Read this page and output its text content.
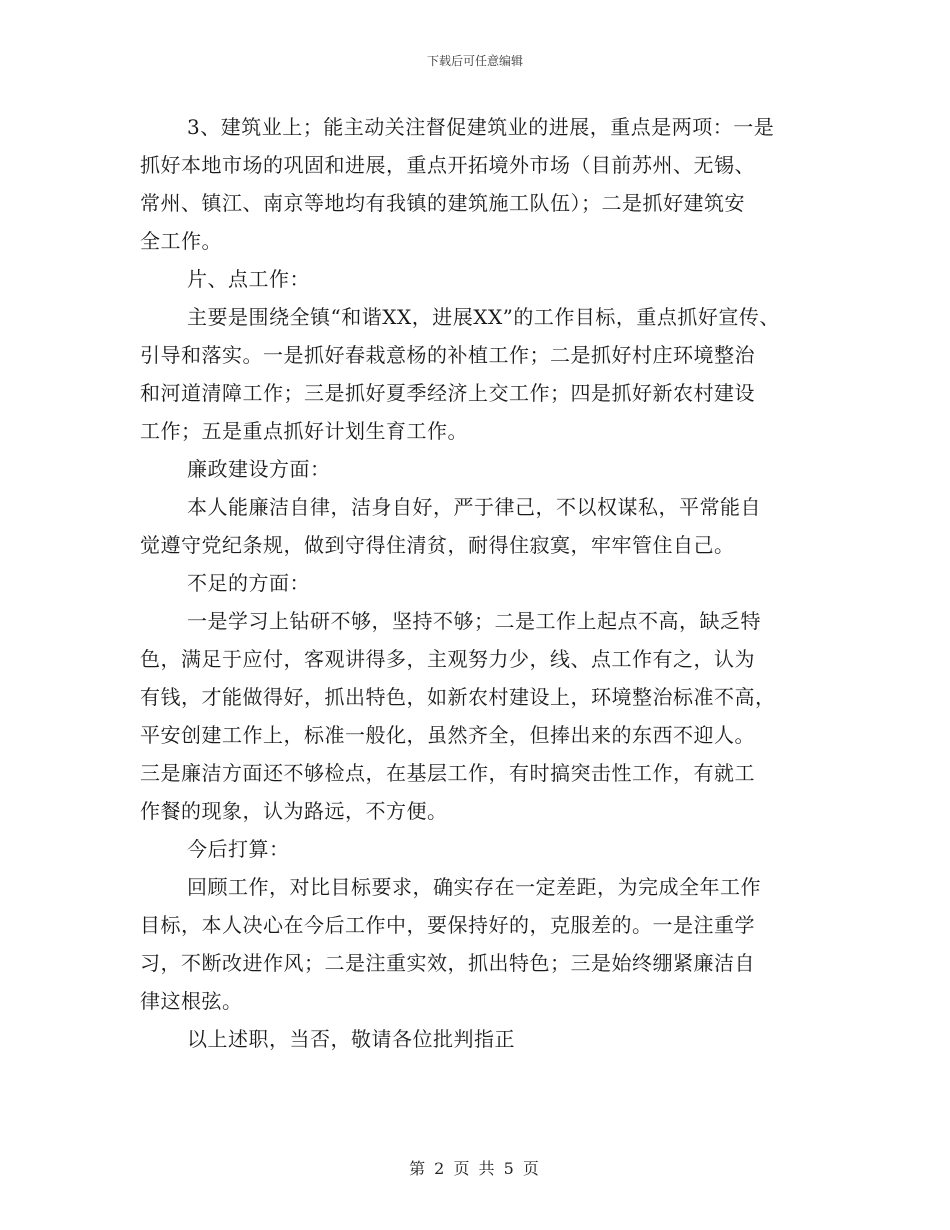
下载后可任意编辑
3、建筑业上；能主动关注督促建筑业的进展，重点是两项：一是
抓好本地市场的巩固和进展，重点开拓境外市场（目前苏州、无锡、
常州、镇江、南京等地均有我镇的建筑施工队伍）；二是抓好建筑安
全工作。
片、点工作：
主要是围绕全镇“和谐XX，进展XX”的工作目标，重点抓好宣传、
引导和落实。一是抓好春栽意杨的补植工作；二是抓好村庄环境整治
和河道清障工作；三是抓好夏季经济上交工作；四是抓好新农村建设
工作；五是重点抓好计划生育工作。
廉政建设方面：
本人能廉洁自律，洁身自好，严于律己，不以权谋私，平常能自
觉遵守党纪条规，做到守得住清贫，耐得住寂寞，牢牢管住自己。
不足的方面：
一是学习上钻研不够，坚持不够；二是工作上起点不高，缺乏特
色，满足于应付，客观讲得多，主观努力少，线、点工作有之，认为
有钱，才能做得好，抓出特色，如新农村建设上，环境整治标准不高，
平安创建工作上，标准一般化，虽然齐全，但捧出来的东西不迎人。
三是廉洁方面还不够检点，在基层工作，有时搞突击性工作，有就工
作餐的现象，认为路远，不方便。
今后打算：
回顾工作，对比目标要求，确实存在一定差距，为完成全年工作
目标，本人决心在今后工作中，要保持好的，克服差的。一是注重学
习，不断改进作风；二是注重实效，抓出特色；三是始终绷紧廉洁自
律这根弦。
以上述职，当否，敬请各位批判指正
第 2 页 共 5 页
